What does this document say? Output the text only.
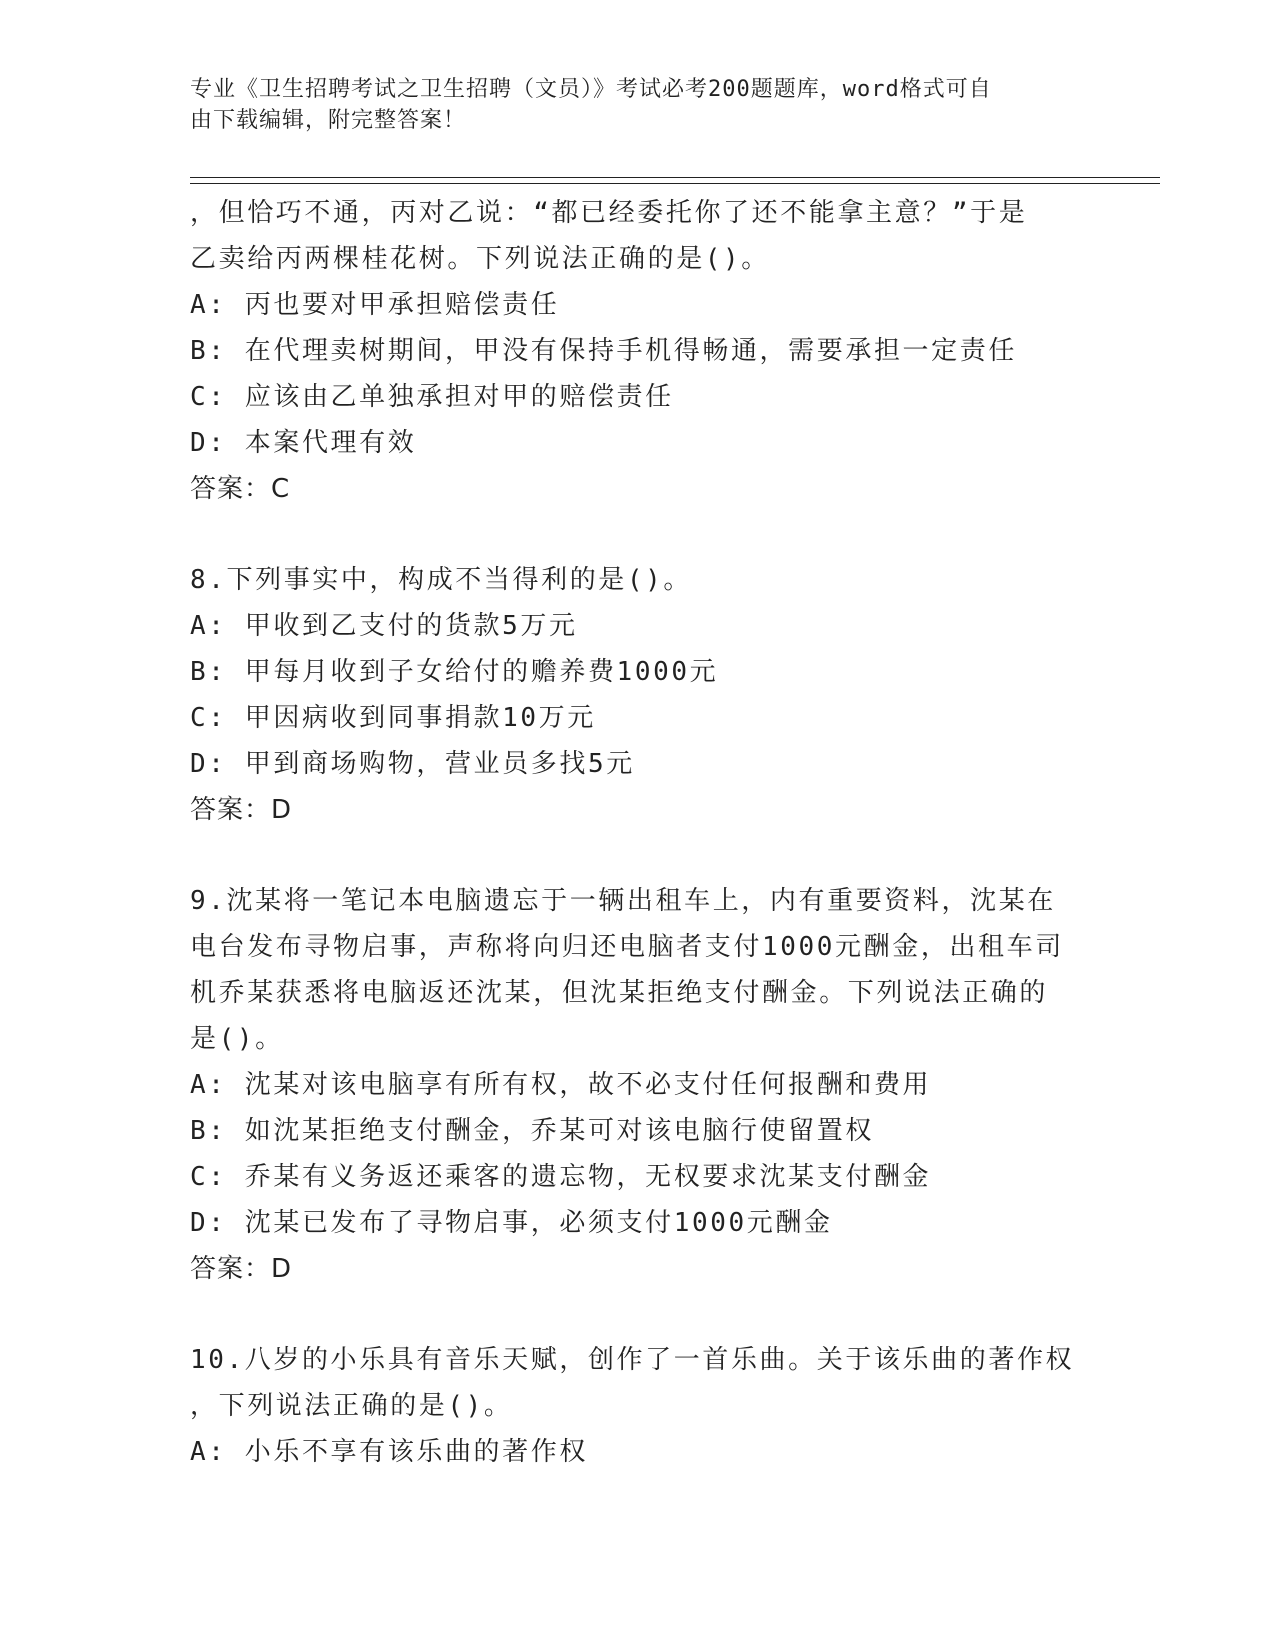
专业《卫生招聘考试之卫生招聘（文员）》考试必考200题题库，word格式可自
由下载编辑，附完整答案！
，但恰巧不通，丙对乙说：“都已经委托你了还不能拿主意？”于是
乙卖给丙两棵桂花树。下列说法正确的是()。
A: 丙也要对甲承担赔偿责任
B: 在代理卖树期间，甲没有保持手机得畅通，需要承担一定责任
C: 应该由乙单独承担对甲的赔偿责任
D: 本案代理有效
答案：C
8.下列事实中，构成不当得利的是()。
A: 甲收到乙支付的货款5万元
B: 甲每月收到子女给付的赡养费1000元
C: 甲因病收到同事捐款10万元
D: 甲到商场购物，营业员多找5元
答案：D
9.沈某将一笔记本电脑遗忘于一辆出租车上，内有重要资料，沈某在
电台发布寻物启事，声称将向归还电脑者支付1000元酬金，出租车司
机乔某获悉将电脑返还沈某，但沈某拒绝支付酬金。下列说法正确的
是()。
A: 沈某对该电脑享有所有权，故不必支付任何报酬和费用
B: 如沈某拒绝支付酬金，乔某可对该电脑行使留置权
C: 乔某有义务返还乘客的遗忘物，无权要求沈某支付酬金
D: 沈某已发布了寻物启事，必须支付1000元酬金
答案：D
10.八岁的小乐具有音乐天赋，创作了一首乐曲。关于该乐曲的著作权
，下列说法正确的是()。
A: 小乐不享有该乐曲的著作权
